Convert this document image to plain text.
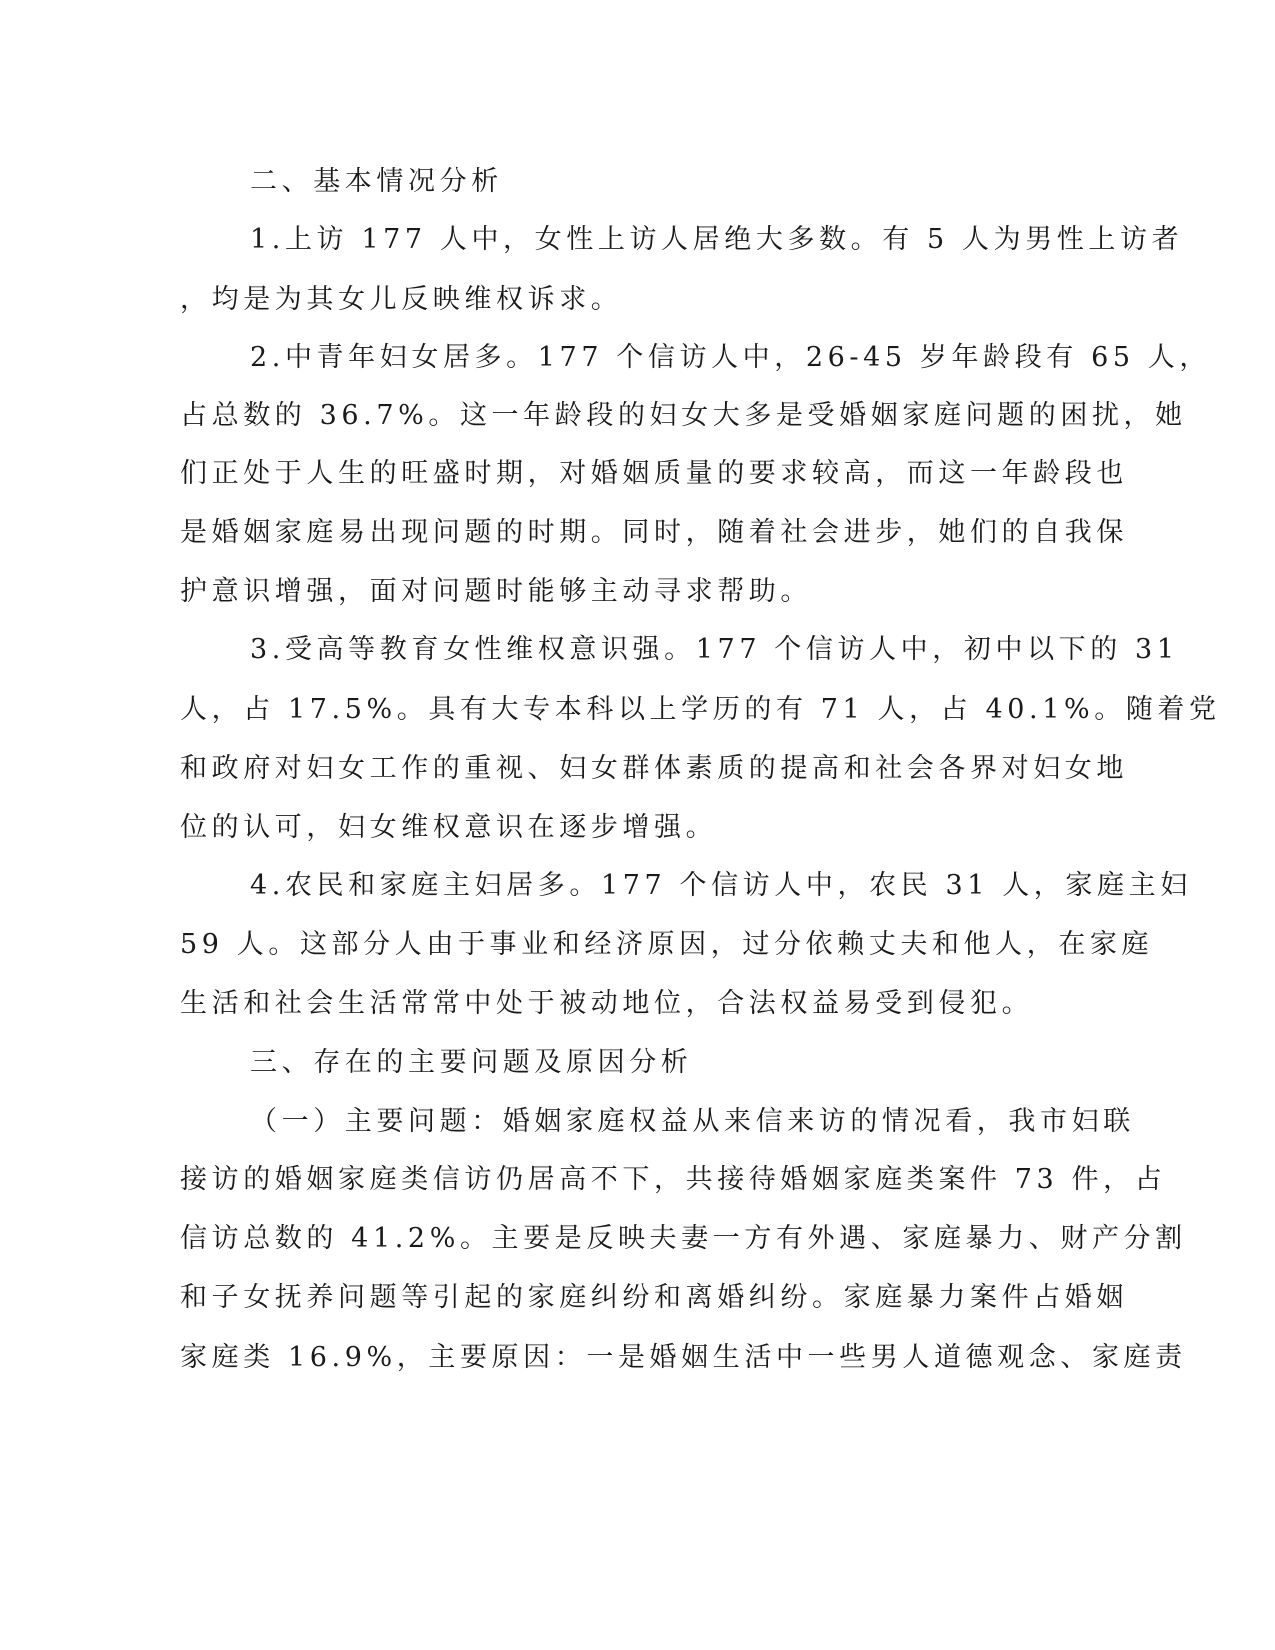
二、基本情况分析
1.上访 177 人中，女性上访人居绝大多数。有 5 人为男性上访者
，均是为其女儿反映维权诉求。
2.中青年妇女居多。177 个信访人中，26-45 岁年龄段有 65 人，
占总数的 36.7%。这一年龄段的妇女大多是受婚姻家庭问题的困扰，她
们正处于人生的旺盛时期，对婚姻质量的要求较高，而这一年龄段也
是婚姻家庭易出现问题的时期。同时，随着社会进步，她们的自我保
护意识增强，面对问题时能够主动寻求帮助。
3.受高等教育女性维权意识强。177 个信访人中，初中以下的 31
人，占 17.5%。具有大专本科以上学历的有 71 人，占 40.1%。随着党
和政府对妇女工作的重视、妇女群体素质的提高和社会各界对妇女地
位的认可，妇女维权意识在逐步增强。
4.农民和家庭主妇居多。177 个信访人中，农民 31 人，家庭主妇
59 人。这部分人由于事业和经济原因，过分依赖丈夫和他人，在家庭
生活和社会生活常常中处于被动地位，合法权益易受到侵犯。
三、存在的主要问题及原因分析
（一）主要问题：婚姻家庭权益从来信来访的情况看，我市妇联
接访的婚姻家庭类信访仍居高不下，共接待婚姻家庭类案件 73 件，占
信访总数的 41.2%。主要是反映夫妻一方有外遇、家庭暴力、财产分割
和子女抚养问题等引起的家庭纠纷和离婚纠纷。家庭暴力案件占婚姻
家庭类 16.9%，主要原因：一是婚姻生活中一些男人道德观念、家庭责
